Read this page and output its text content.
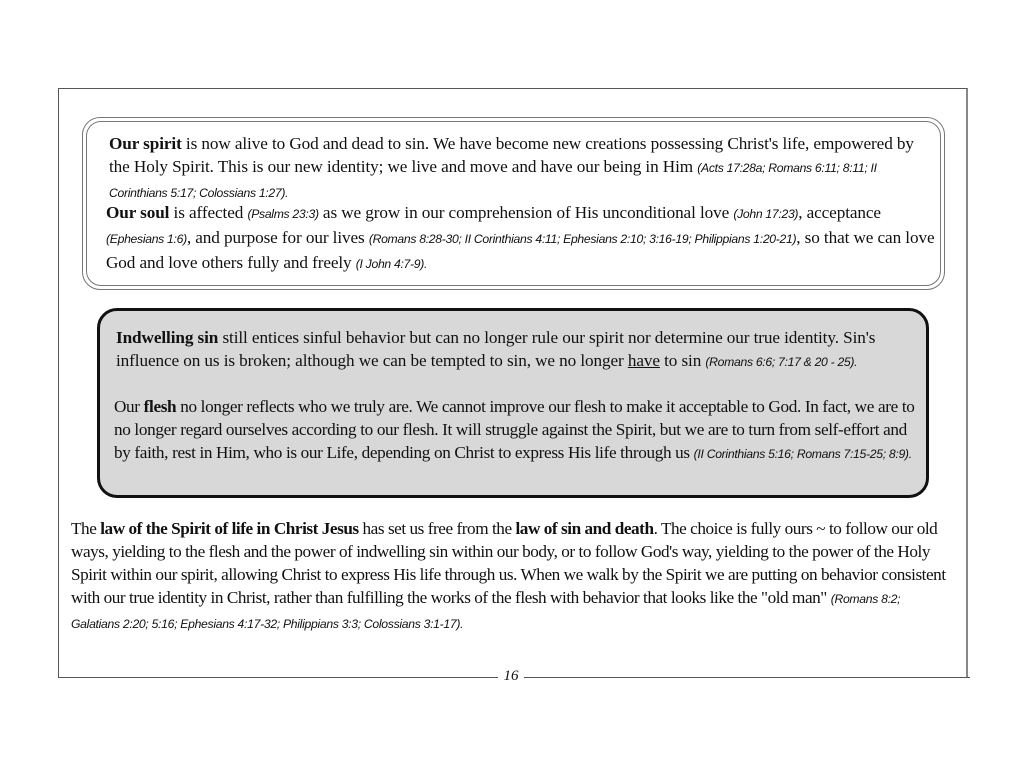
Our spirit is now alive to God and dead to sin. We have become new creations possessing Christ's life, empowered by the Holy Spirit. This is our new identity; we live and move and have our being in Him (Acts 17:28a; Romans 6:11; 8:11; II Corinthians 5:17; Colossians 1:27).
Our soul is affected (Psalms 23:3) as we grow in our comprehension of His unconditional love (John 17:23), acceptance (Ephesians 1:6), and purpose for our lives (Romans 8:28-30; II Corinthians 4:11; Ephesians 2:10; 3:16-19; Philippians 1:20-21), so that we can love God and love others fully and freely (I John 4:7-9).
Indwelling sin still entices sinful behavior but can no longer rule our spirit nor determine our true identity. Sin's influence on us is broken; although we can be tempted to sin, we no longer have to sin (Romans 6:6; 7:17 & 20 - 25).
Our flesh no longer reflects who we truly are. We cannot improve our flesh to make it acceptable to God. In fact, we are to no longer regard ourselves according to our flesh. It will struggle against the Spirit, but we are to turn from self-effort and by faith, rest in Him, who is our Life, depending on Christ to express His life through us (II Corinthians 5:16; Romans 7:15-25; 8:9).
The law of the Spirit of life in Christ Jesus has set us free from the law of sin and death. The choice is fully ours ~ to follow our old ways, yielding to the flesh and the power of indwelling sin within our body, or to follow God's way, yielding to the power of the Holy Spirit within our spirit, allowing Christ to express His life through us. When we walk by the Spirit we are putting on behavior consistent with our true identity in Christ, rather than fulfilling the works of the flesh with behavior that looks like the "old man" (Romans 8:2; Galatians 2:20; 5:16; Ephesians 4:17-32; Philippians 3:3; Colossians 3:1-17).
16
